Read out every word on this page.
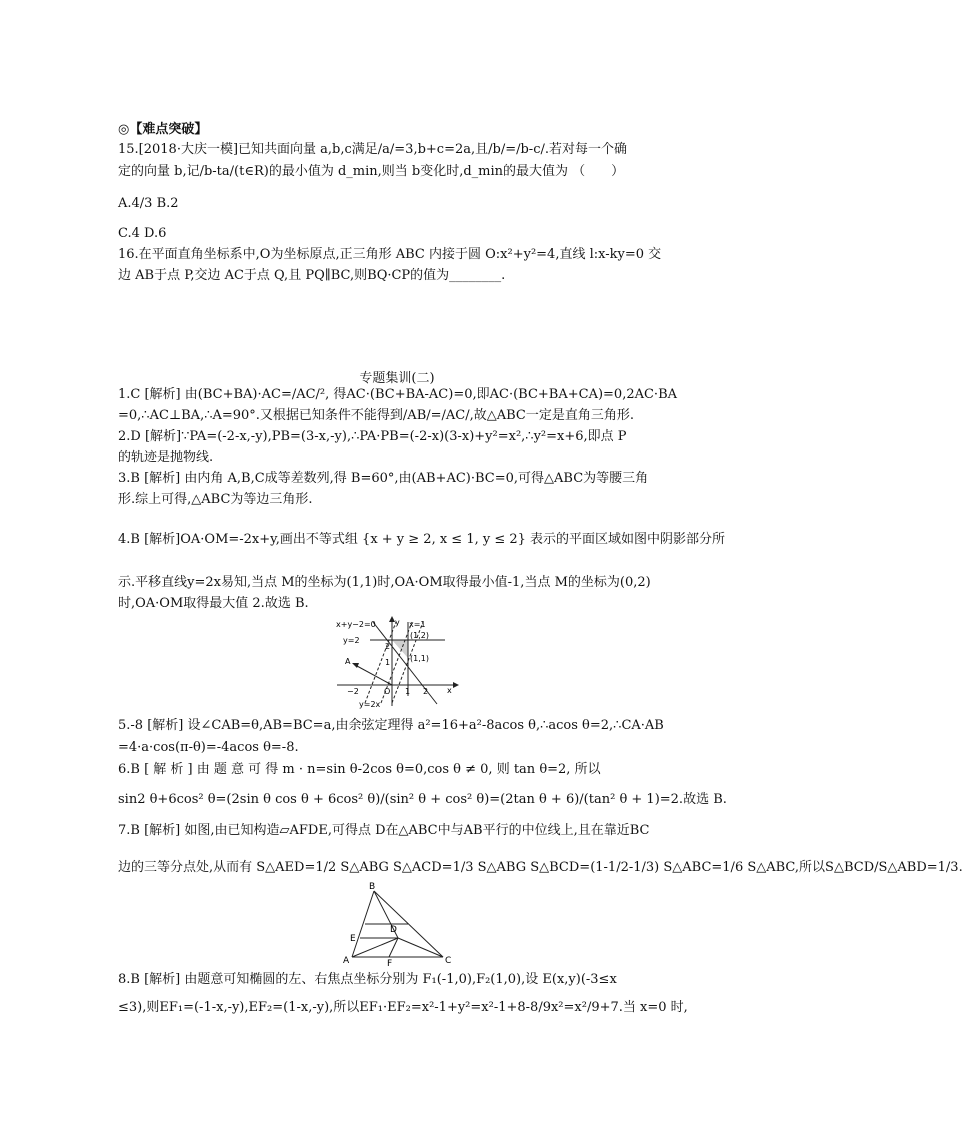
◎【难点突破】
15.[2018·大庆一模]已知共面向量 a,b,c满足/a/=3,b+c=2a,且/b/=/b-c/.若对每一个确
定的向量 b,记/b-ta/(t∈R)的最小值为 d_min,则当 b变化时,d_min的最大值为 （　　）
A.4/3 B.2
C.4 D.6
16.在平面直角坐标系中,O为坐标原点,正三角形 ABC 内接于圆 O:x²+y²=4,直线 l:x-ky=0 交
边 AB于点 P,交边 AC于点 Q,且 PQ∥BC,则BQ·CP的值为________.
专题集训(二)
1.C [解析] 由(BC+BA)·AC=/AC/², 得AC·(BC+BA-AC)=0,即AC·(BC+BA+CA)=0,2AC·BA
=0,∴AC⊥BA,∴A=90°.又根据已知条件不能得到/AB/=/AC/,故△ABC一定是直角三角形.
2.D [解析]∵PA=(-2-x,-y),PB=(3-x,-y),∴PA·PB=(-2-x)(3-x)+y²=x²,∴y²=x+6,即点 P
的轨迹是抛物线.
3.B [解析] 由内角 A,B,C成等差数列,得 B=60°,由(AB+AC)·BC=0,可得△ABC为等腰三角
形.综上可得,△ABC为等边三角形.
4.B [解析]OA·OM=-2x+y,画出不等式组 {x + y ≥ 2, x ≤ 1, y ≤ 2} 表示的平面区域如图中阴影部分所
示.平移直线y=2x易知,当点 M的坐标为(1,1)时,OA·OM取得最小值-1,当点 M的坐标为(0,2)
时,OA·OM取得最大值 2.故选 B.
x+y−2=0
y=2
x=1
y=2x
x
y
O
A
(1,2)
(1,1)
−2	1 2
2
1
5.-8 [解析] 设∠CAB=θ,AB=BC=a,由余弦定理得 a²=16+a²-8acos θ,∴acos θ=2,∴CA·AB
=4·a·cos(π-θ)=-4acos θ=-8.
6.B [ 解 析 ] 由 题 意 可 得 m · n=sin θ-2cos θ=0,cos θ ≠ 0, 则 tan θ=2, 所以
sin2 θ+6cos² θ=(2sin θ cos θ + 6cos² θ)/(sin² θ + cos² θ)=(2tan θ + 6)/(tan² θ + 1)=2.故选 B.
7.B [解析] 如图,由已知构造▱AFDE,可得点 D在△ABC中与AB平行的中位线上,且在靠近BC
边的三等分点处,从而有 S△AED=1/2 S△ABG S△ACD=1/3 S△ABG S△BCD=(1-1/2-1/3) S△ABC=1/6 S△ABC,所以S△BCD/S△ABD=1/3.
B
E
D
A	F	C
8.B [解析] 由题意可知椭圆的左、右焦点坐标分别为 F₁(-1,0),F₂(1,0),设 E(x,y)(-3≤x
≤3),则EF₁=(-1-x,-y),EF₂=(1-x,-y),所以EF₁·EF₂=x²-1+y²=x²-1+8-8/9x²=x²/9+7.当 x=0 时,
